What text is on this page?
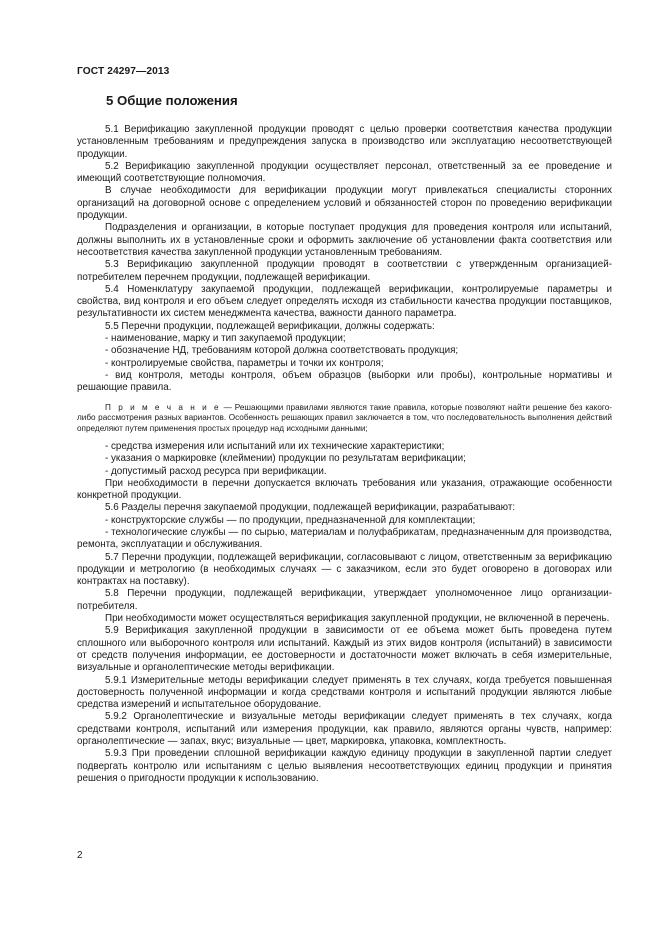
ГОСТ 24297—2013
5 Общие положения

5.1 Верификацию закупленной продукции проводят с целью проверки соответствия качества продукции установленным требованиям и предупреждения запуска в производство или эксплуатацию несоответствующей продукции.

5.2 Верификацию закупленной продукции осуществляет персонал, ответственный за ее проведение и имеющий соответствующие полномочия.

В случае необходимости для верификации продукции могут привлекаться специалисты сторонних организаций на договорной основе с определением условий и обязанностей сторон по проведению верификации продукции.

Подразделения и организации, в которые поступает продукция для проведения контроля или испытаний, должны выполнить их в установленные сроки и оформить заключение об установлении факта соответствия или несоответствия качества закупленной продукции установленным требованиям.

5.3 Верификацию закупленной продукции проводят в соответствии с утвержденным организацией-потребителем перечнем продукции, подлежащей верификации.

5.4 Номенклатуру закупаемой продукции, подлежащей верификации, контролируемые параметры и свойства, вид контроля и его объем следует определять исходя из стабильности качества продукции поставщиков, результативности их систем менеджмента качества, важности данного параметра.

5.5 Перечни продукции, подлежащей верификации, должны содержать:

- наименование, марку и тип закупаемой продукции;

- обозначение НД, требованиям которой должна соответствовать продукция;

- контролируемые свойства, параметры и точки их контроля;

- вид контроля, методы контроля, объем образцов (выборки или пробы), контрольные нормативы и решающие правила.

П р и м е ч а н и е — Решающими правилами являются такие правила, которые позволяют найти решение без какого-либо рассмотрения разных вариантов. Особенность решающих правил заключается в том, что последовательность выполнения действий определяют путем применения простых процедур над исходными данными;

- средства измерения или испытаний или их технические характеристики;

- указания о маркировке (клеймении) продукции по результатам верификации;

- допустимый расход ресурса при верификации.

При необходимости в перечни допускается включать требования или указания, отражающие особенности конкретной продукции.

5.6 Разделы перечня закупаемой продукции, подлежащей верификации, разрабатывают:

- конструкторские службы — по продукции, предназначенной для комплектации;

- технологические службы — по сырью, материалам и полуфабрикатам, предназначенным для производства, ремонта, эксплуатации и обслуживания.

5.7 Перечни продукции, подлежащей верификации, согласовывают с лицом, ответственным за верификацию продукции и метрологию (в необходимых случаях — с заказчиком, если это будет оговорено в договорах или контрактах на поставку).

5.8 Перечни продукции, подлежащей верификации, утверждает уполномоченное лицо организации-потребителя.

При необходимости может осуществляться верификация закупленной продукции, не включенной в перечень.

5.9 Верификация закупленной продукции в зависимости от ее объема может быть проведена путем сплошного или выборочного контроля или испытаний. Каждый из этих видов контроля (испытаний) в зависимости от средств получения информации, ее достоверности и достаточности может включать в себя измерительные, визуальные и органолептические методы верификации.

5.9.1 Измерительные методы верификации следует применять в тех случаях, когда требуется повышенная достоверность полученной информации и когда средствами контроля и испытаний продукции являются любые средства измерений и испытательное оборудование.

5.9.2 Органолептические и визуальные методы верификации следует применять в тех случаях, когда средствами контроля, испытаний или измерения продукции, как правило, являются органы чувств, например: органолептические — запах, вкус; визуальные — цвет, маркировка, упаковка, комплектность.

5.9.3 При проведении сплошной верификации каждую единицу продукции в закупленной партии следует подвергать контролю или испытаниям с целью выявления несоответствующих единиц продукции и принятия решения о пригодности продукции к использованию.

2
